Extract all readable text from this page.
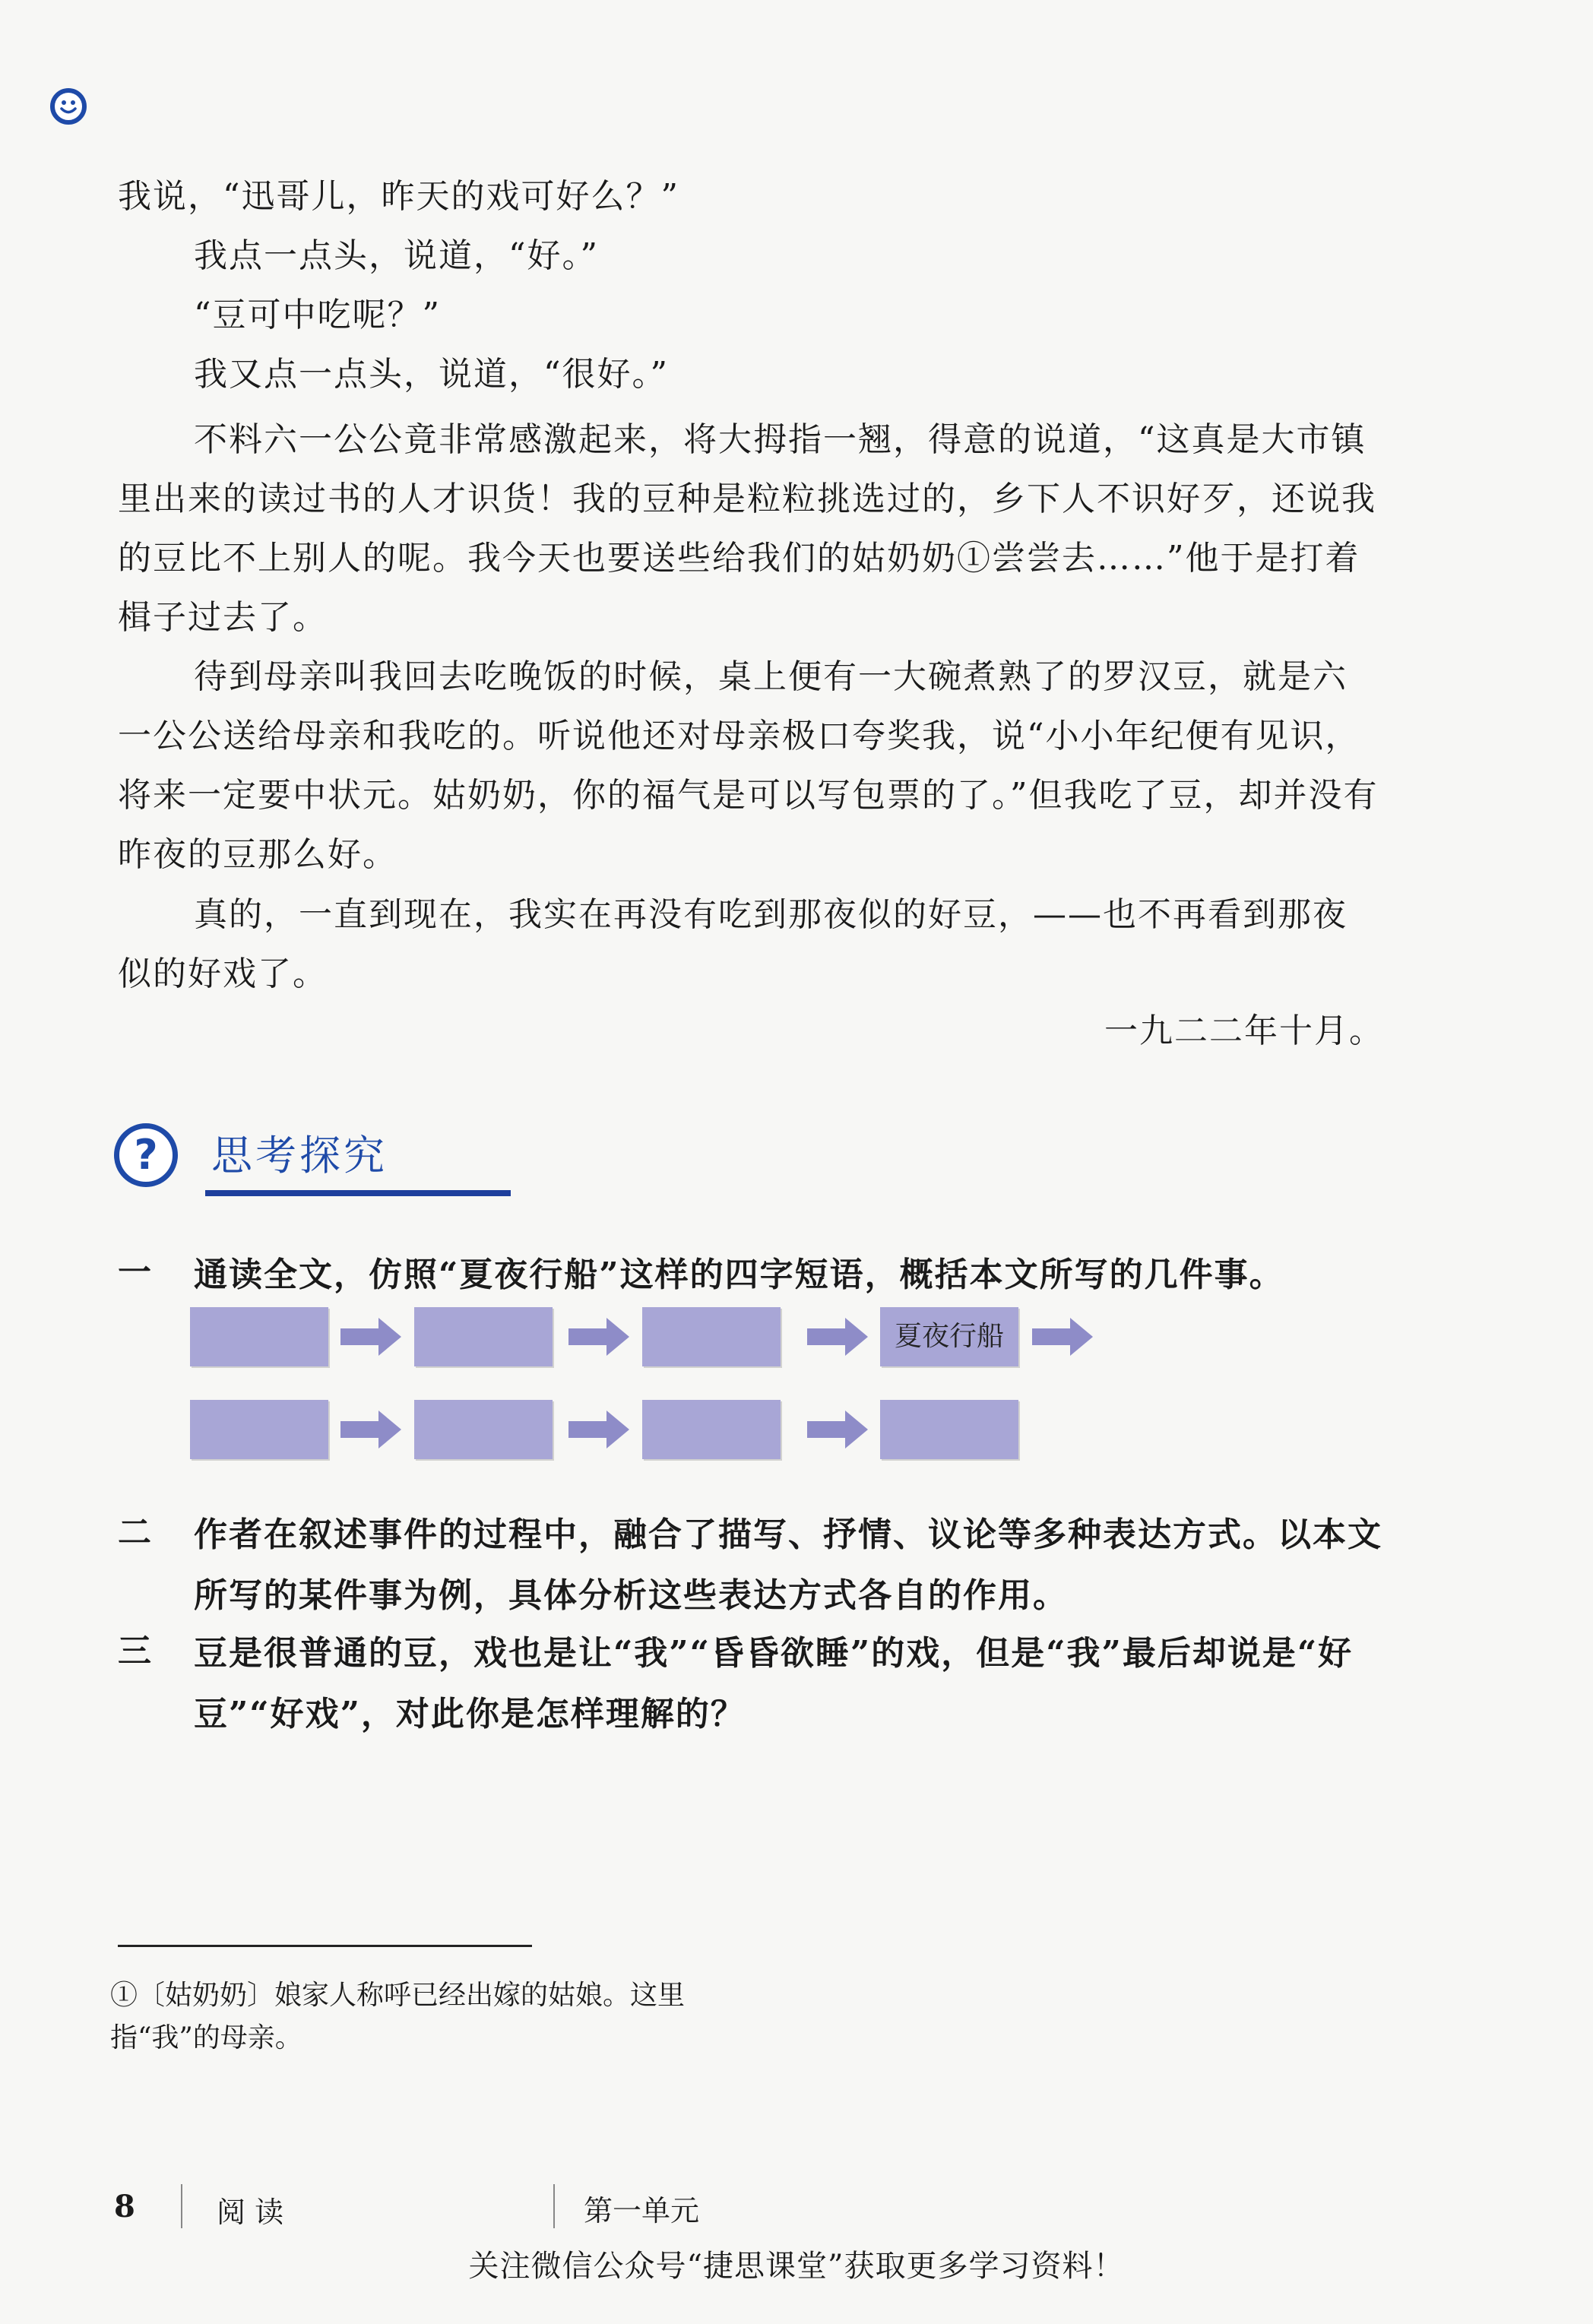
我说，“迅哥儿，昨天的戏可好么？”

我点一点头，说道，“好。”

“豆可中吃呢？”

我又点一点头，说道，“很好。”

不料六一公公竟非常感激起来，将大拇指一翘，得意的说道，“这真是大市镇里出来的读过书的人才识货！我的豆种是粒粒挑选过的，乡下人不识好歹，还说我的豆比不上别人的呢。我今天也要送些给我们的姑奶奶①尝尝去……”他于是打着楫子过去了。

待到母亲叫我回去吃晚饭的时候，桌上便有一大碗煮熟了的罗汉豆，就是六一公公送给母亲和我吃的。听说他还对母亲极口夸奖我，说“小小年纪便有见识，将来一定要中状元。姑奶奶，你的福气是可以写包票的了。”但我吃了豆，却并没有昨夜的豆那么好。

真的，一直到现在，我实在再没有吃到那夜似的好豆，——也不再看到那夜似的好戏了。

一九二二年十月。
?	思考探究
一 通读全文，仿照“夏夜行船”这样的四字短语，概括本文所写的几件事。
夏夜行船
二 作者在叙述事件的过程中，融合了描写、抒情、议论等多种表达方式。以本文所写的某件事为例，具体分析这些表达方式各自的作用。
三 豆是很普通的豆，戏也是让“我”“昏昏欲睡”的戏，但是“我”最后却说是“好豆”“好戏”，对此你是怎样理解的？
①〔姑奶奶〕娘家人称呼已经出嫁的姑娘。这里指“我”的母亲。
8	阅 读	第一单元
关注微信公众号“捷思课堂”获取更多学习资料！
